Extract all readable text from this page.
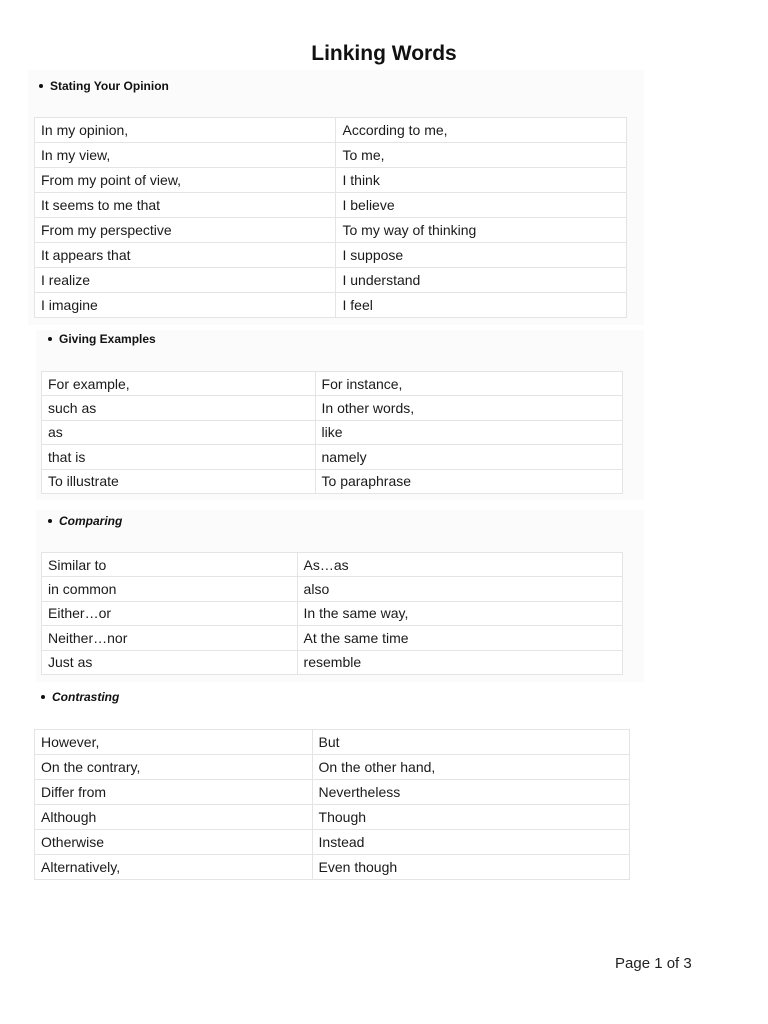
Linking Words
Stating Your Opinion
In my opinion,	According to me,
In my view,	To me,
From my point of view,	I think
It seems to me that	I believe
From my perspective	To my way of thinking
It appears that	I suppose
I realize	I understand
I imagine	I feel
Giving Examples
For example,	For instance,
such as	In other words,
as	like
that is	namely
To illustrate	To paraphrase
Comparing
Similar to	As…as
in common	also
Either…or	In the same way,
Neither…nor	At the same time
Just as	resemble
Contrasting
However,	But
On the contrary,	On the other hand,
Differ from	Nevertheless
Although	Though
Otherwise	Instead
Alternatively,	Even though
Page 1 of 3
